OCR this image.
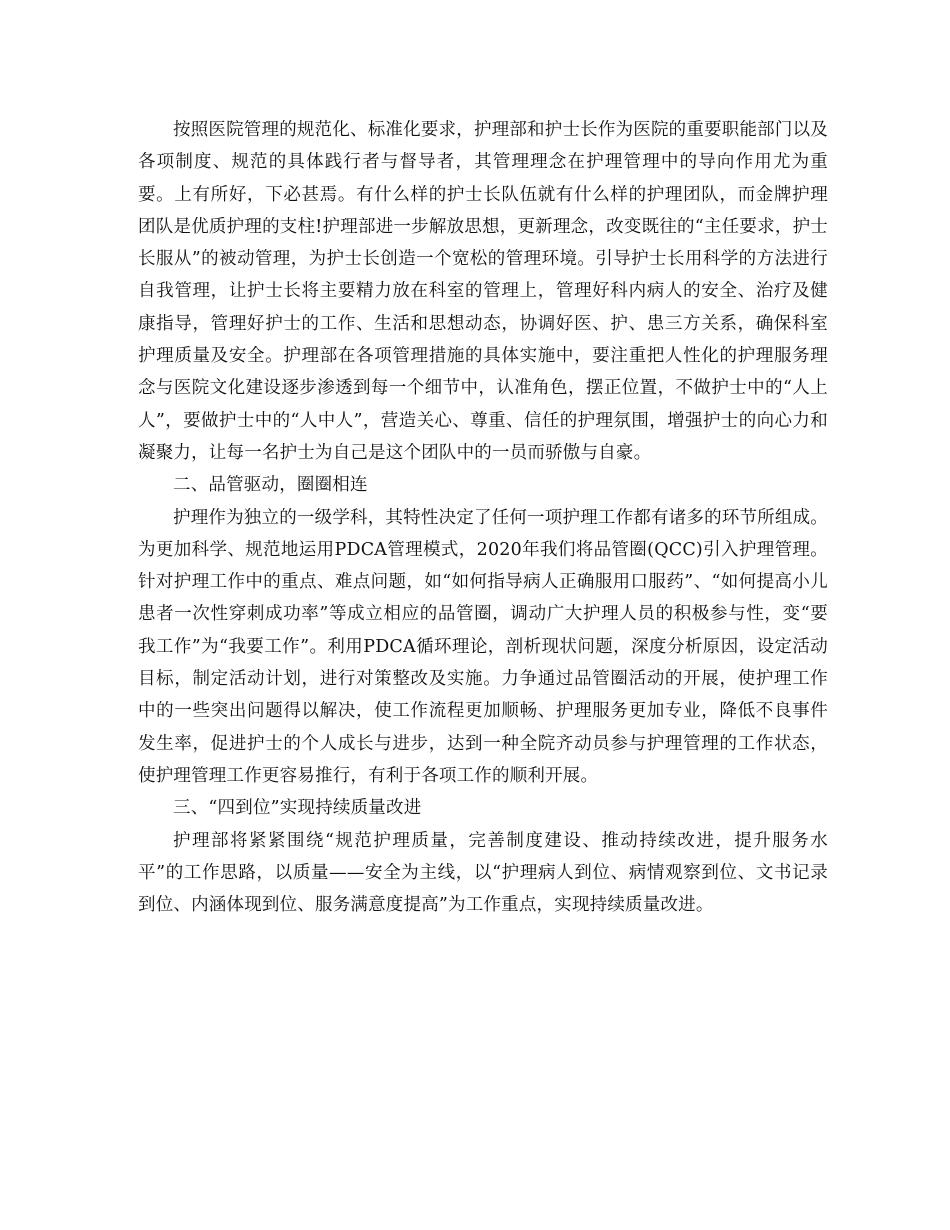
按照医院管理的规范化、标准化要求，护理部和护士长作为医院的重要职能部门以及各项制度、规范的具体践行者与督导者，其管理理念在护理管理中的导向作用尤为重要。上有所好，下必甚焉。有什么样的护士长队伍就有什么样的护理团队，而金牌护理团队是优质护理的支柱!护理部进一步解放思想，更新理念，改变既往的“主任要求，护士长服从”的被动管理，为护士长创造一个宽松的管理环境。引导护士长用科学的方法进行自我管理，让护士长将主要精力放在科室的管理上，管理好科内病人的安全、治疗及健康指导，管理好护士的工作、生活和思想动态，协调好医、护、患三方关系，确保科室护理质量及安全。护理部在各项管理措施的具体实施中，要注重把人性化的护理服务理念与医院文化建设逐步渗透到每一个细节中，认准角色，摆正位置，不做护士中的“人上人”，要做护士中的“人中人”，营造关心、尊重、信任的护理氛围，增强护士的向心力和凝聚力，让每一名护士为自己是这个团队中的一员而骄傲与自豪。

二、品管驱动，圈圈相连

护理作为独立的一级学科，其特性决定了任何一项护理工作都有诸多的环节所组成。为更加科学、规范地运用PDCA管理模式，2020年我们将品管圈(QCC)引入护理管理。针对护理工作中的重点、难点问题，如“如何指导病人正确服用口服药”、“如何提高小儿患者一次性穿刺成功率”等成立相应的品管圈，调动广大护理人员的积极参与性，变“要我工作”为“我要工作”。利用PDCA循环理论，剖析现状问题，深度分析原因，设定活动目标，制定活动计划，进行对策整改及实施。力争通过品管圈活动的开展，使护理工作中的一些突出问题得以解决，使工作流程更加顺畅、护理服务更加专业，降低不良事件发生率，促进护士的个人成长与进步，达到一种全院齐动员参与护理管理的工作状态，使护理管理工作更容易推行，有利于各项工作的顺利开展。

三、“四到位”实现持续质量改进

护理部将紧紧围绕“规范护理质量，完善制度建设、推动持续改进，提升服务水平”的工作思路，以质量——安全为主线，以“护理病人到位、病情观察到位、文书记录到位、内涵体现到位、服务满意度提高”为工作重点，实现持续质量改进。
